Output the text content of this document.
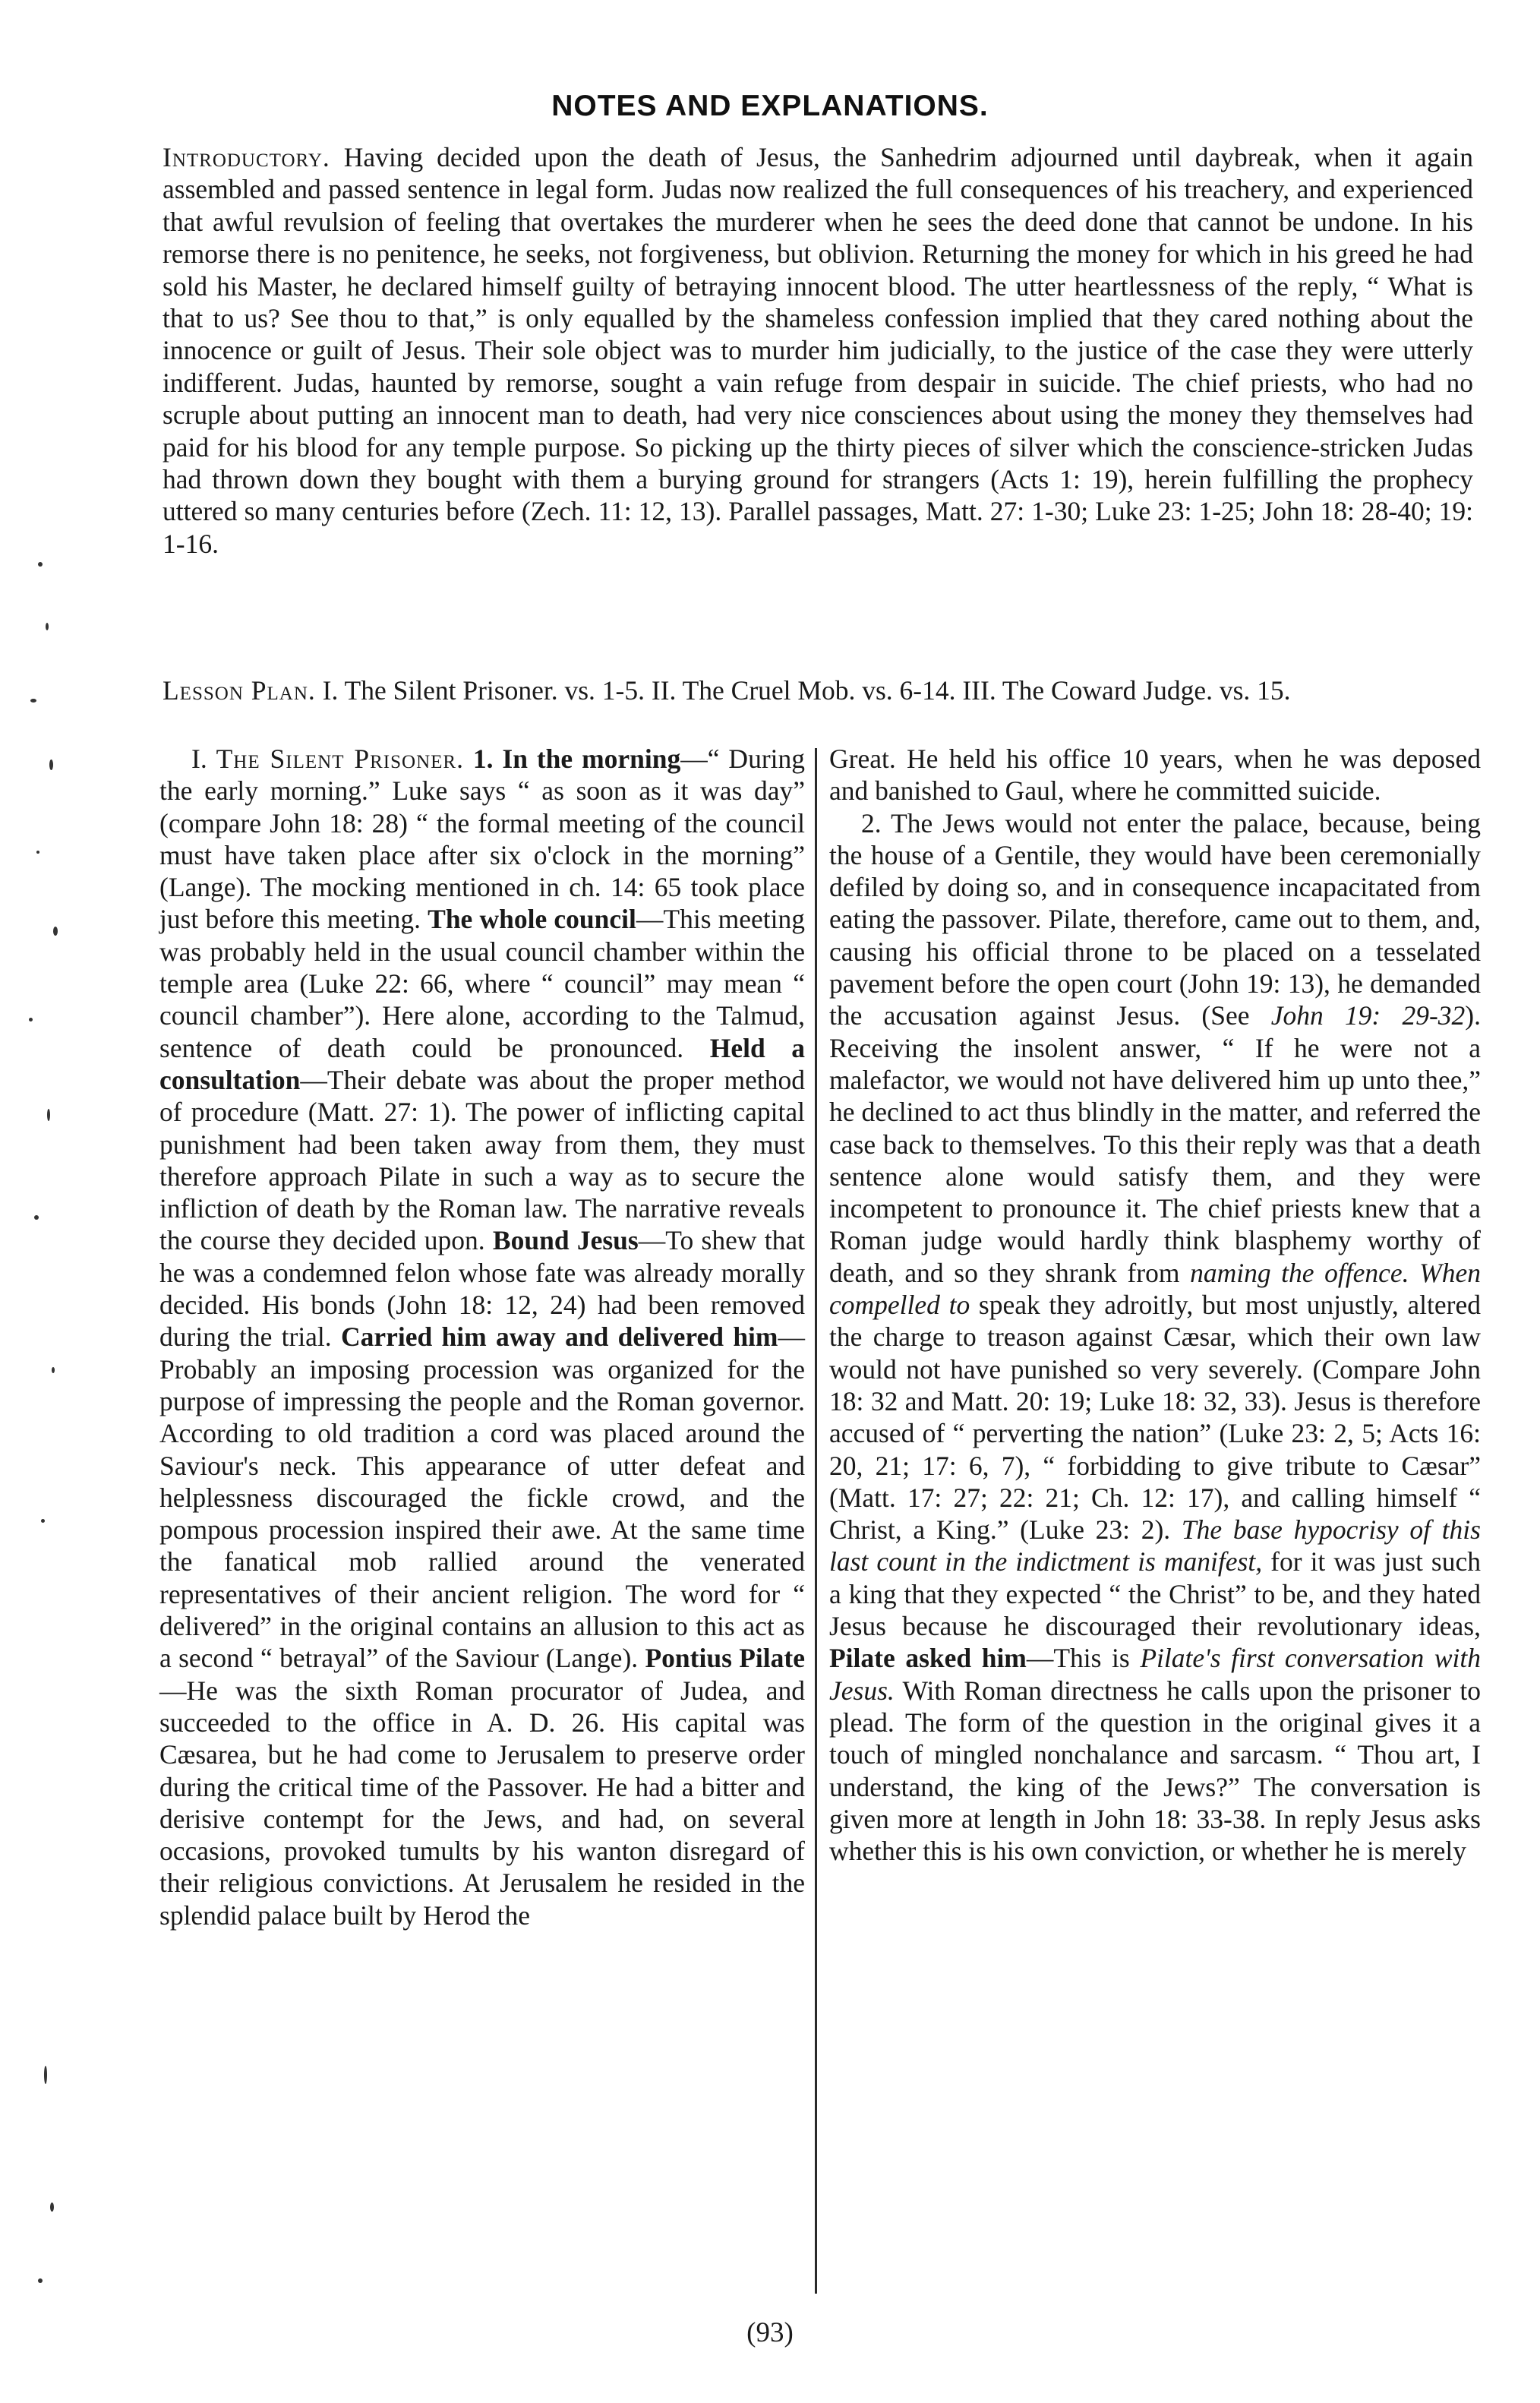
NOTES AND EXPLANATIONS.
Introductory. Having decided upon the death of Jesus, the Sanhedrim adjourned until daybreak, when it again assembled and passed sentence in legal form. Judas now realized the full consequences of his treachery, and experienced that awful revulsion of feeling that overtakes the murderer when he sees the deed done that cannot be undone. In his remorse there is no penitence, he seeks, not forgiveness, but oblivion. Returning the money for which in his greed he had sold his Master, he declared himself guilty of betraying innocent blood. The utter heartlessness of the reply, “ What is that to us? See thou to that,” is only equalled by the shameless confession implied that they cared nothing about the innocence or guilt of Jesus. Their sole object was to murder him judicially, to the justice of the case they were utterly indifferent. Judas, haunted by remorse, sought a vain refuge from despair in suicide. The chief priests, who had no scruple about putting an innocent man to death, had very nice consciences about using the money they themselves had paid for his blood for any temple purpose. So picking up the thirty pieces of silver which the conscience-stricken Judas had thrown down they bought with them a burying ground for strangers (Acts 1: 19), herein fulfilling the prophecy uttered so many centuries before (Zech. 11: 12, 13). Parallel passages, Matt. 27: 1-30; Luke 23: 1-25; John 18: 28-40; 19: 1-16.
Lesson Plan. I. The Silent Prisoner. vs. 1-5. II. The Cruel Mob. vs. 6-14. III. The Coward Judge. vs. 15.

I. The Silent Prisoner. 1. In the morning—“ During the early morning.” Luke says “ as soon as it was day” (compare John 18: 28) “ the formal meeting of the council must have taken place after six o'clock in the morning” (Lange). The mocking mentioned in ch. 14: 65 took place just before this meeting. The whole council—This meeting was probably held in the usual council chamber within the temple area (Luke 22: 66, where “ council” may mean “ council chamber”). Here alone, according to the Talmud, sentence of death could be pronounced. Held a consultation—Their debate was about the proper method of procedure (Matt. 27: 1). The power of inflicting capital punishment had been taken away from them, they must therefore approach Pilate in such a way as to secure the infliction of death by the Roman law. The narrative reveals the course they decided upon. Bound Jesus—To shew that he was a condemned felon whose fate was already morally decided. His bonds (John 18: 12, 24) had been removed during the trial. Carried him away and delivered him—Probably an imposing procession was organized for the purpose of impressing the people and the Roman governor. According to old tradition a cord was placed around the Saviour's neck. This appearance of utter defeat and helplessness discouraged the fickle crowd, and the pompous procession inspired their awe. At the same time the fanatical mob rallied around the venerated representatives of their ancient religion. The word for “ delivered” in the original contains an allusion to this act as a second “ betrayal” of the Saviour (Lange). Pontius Pilate—He was the sixth Roman procurator of Judea, and succeeded to the office in A. D. 26. His capital was Cæsarea, but he had come to Jerusalem to preserve order during the critical time of the Passover. He had a bitter and derisive contempt for the Jews, and had, on several occasions, provoked tumults by his wanton disregard of their religious convictions. At Jerusalem he resided in the splendid palace built by Herod the

Great. He held his office 10 years, when he was deposed and banished to Gaul, where he committed suicide.

2. The Jews would not enter the palace, because, being the house of a Gentile, they would have been ceremonially defiled by doing so, and in consequence incapacitated from eating the passover. Pilate, therefore, came out to them, and, causing his official throne to be placed on a tesselated pavement before the open court (John 19: 13), he demanded the accusation against Jesus. (See John 19: 29-32). Receiving the insolent answer, “ If he were not a malefactor, we would not have delivered him up unto thee,” he declined to act thus blindly in the matter, and referred the case back to themselves. To this their reply was that a death sentence alone would satisfy them, and they were incompetent to pronounce it. The chief priests knew that a Roman judge would hardly think blasphemy worthy of death, and so they shrank from naming the offence. When compelled to speak they adroitly, but most unjustly, altered the charge to treason against Cæsar, which their own law would not have punished so very severely. (Compare John 18: 32 and Matt. 20: 19; Luke 18: 32, 33). Jesus is therefore accused of “ perverting the nation” (Luke 23: 2, 5; Acts 16: 20, 21; 17: 6, 7), “ forbidding to give tribute to Cæsar” (Matt. 17: 27; 22: 21; Ch. 12: 17), and calling himself “ Christ, a King.” (Luke 23: 2). The base hypocrisy of this last count in the indictment is manifest, for it was just such a king that they expected “ the Christ” to be, and they hated Jesus because he discouraged their revolutionary ideas, Pilate asked him—This is Pilate's first conversation with Jesus. With Roman directness he calls upon the prisoner to plead. The form of the question in the original gives it a touch of mingled nonchalance and sarcasm. “ Thou art, I understand, the king of the Jews?” The conversation is given more at length in John 18: 33-38. In reply Jesus asks whether this is his own conviction, or whether he is merely

(93)
